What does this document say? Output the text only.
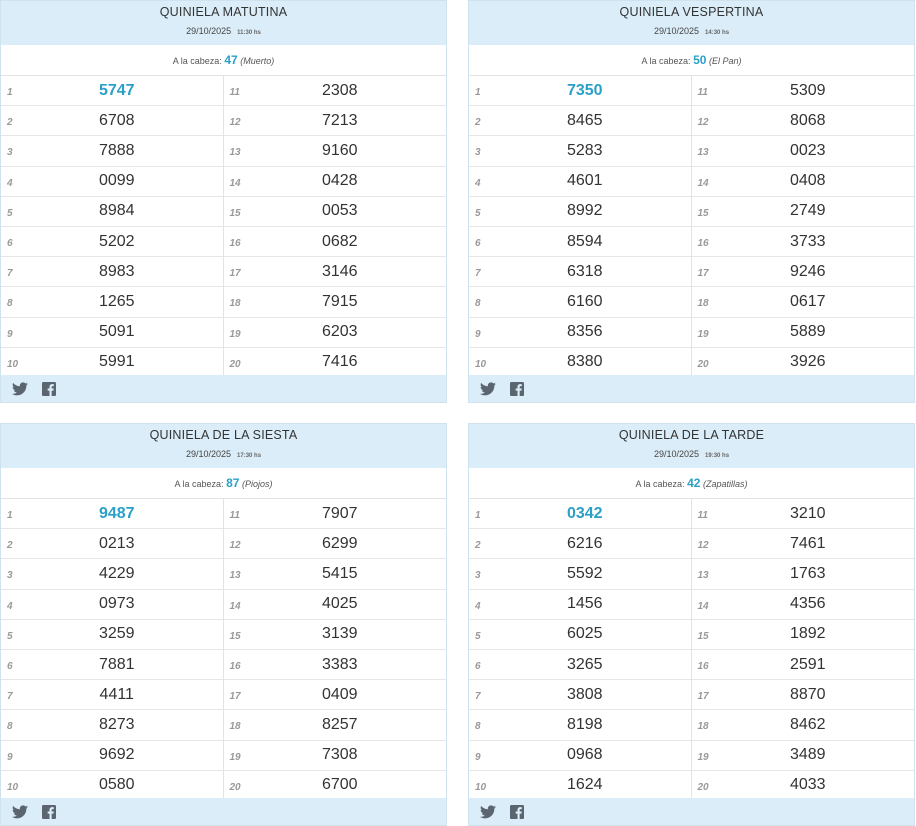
QUINIELA MATUTINA
29/10/2025 11:30 hs
A la cabeza: 47 (Muerto)
1	5747
2	6708
3	7888
4	0099
5	8984
6	5202
7	8983
8	1265
9	5091
10	5991
11	2308
12	7213
13	9160
14	0428
15	0053
16	0682
17	3146
18	7915
19	6203
20	7416
QUINIELA VESPERTINA
29/10/2025 14:30 hs
A la cabeza: 50 (El Pan)
1	7350
2	8465
3	5283
4	4601
5	8992
6	8594
7	6318
8	6160
9	8356
10	8380
11	5309
12	8068
13	0023
14	0408
15	2749
16	3733
17	9246
18	0617
19	5889
20	3926
QUINIELA DE LA SIESTA
29/10/2025 17:30 hs
A la cabeza: 87 (Piojos)
1	9487
2	0213
3	4229
4	0973
5	3259
6	7881
7	4411
8	8273
9	9692
10	0580
11	7907
12	6299
13	5415
14	4025
15	3139
16	3383
17	0409
18	8257
19	7308
20	6700
QUINIELA DE LA TARDE
29/10/2025 19:30 hs
A la cabeza: 42 (Zapatillas)
1	0342
2	6216
3	5592
4	1456
5	6025
6	3265
7	3808
8	8198
9	0968
10	1624
11	3210
12	7461
13	1763
14	4356
15	1892
16	2591
17	8870
18	8462
19	3489
20	4033
